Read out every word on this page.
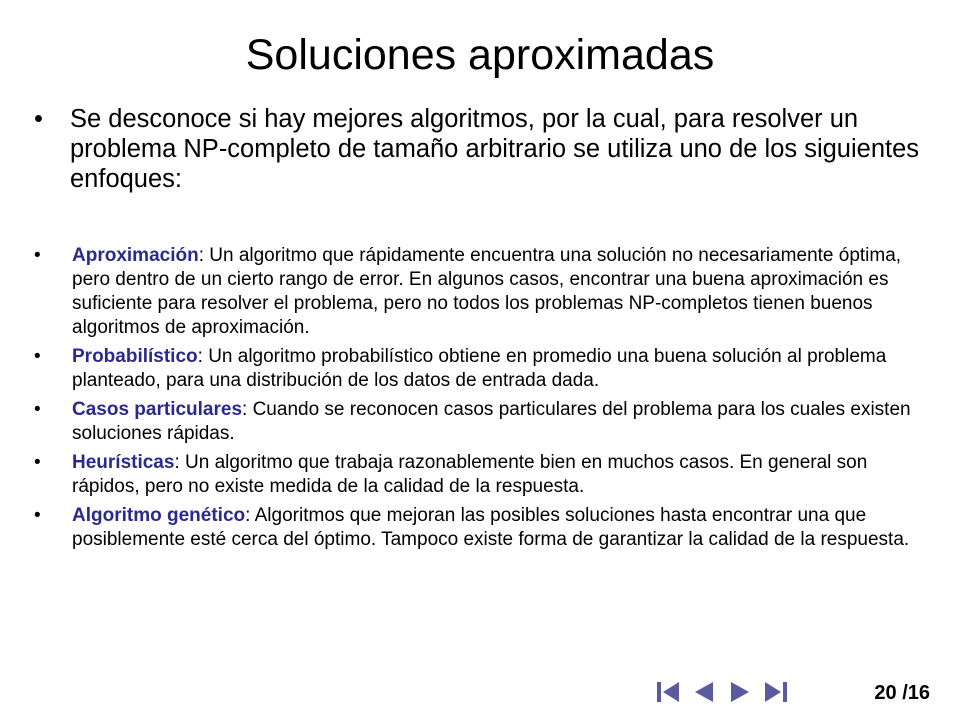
Soluciones aproximadas
•	Se desconoce si hay mejores algoritmos, por la cual, para resolver un problema NP-completo de tamaño arbitrario se utiliza uno de los siguientes enfoques:
• Aproximación: Un algoritmo que rápidamente encuentra una solución no necesariamente óptima, pero dentro de un cierto rango de error. En algunos casos, encontrar una buena aproximación es suficiente para resolver el problema, pero no todos los problemas NP-completos tienen buenos algoritmos de aproximación.
• Probabilístico: Un algoritmo probabilístico obtiene en promedio una buena solución al problema planteado, para una distribución de los datos de entrada dada.
• Casos particulares: Cuando se reconocen casos particulares del problema para los cuales existen soluciones rápidas.
• Heurísticas: Un algoritmo que trabaja razonablemente bien en muchos casos. En general son rápidos, pero no existe medida de la calidad de la respuesta.
• Algoritmo genético: Algoritmos que mejoran las posibles soluciones hasta encontrar una que posiblemente esté cerca del óptimo. Tampoco existe forma de garantizar la calidad de la respuesta.
20 /16
